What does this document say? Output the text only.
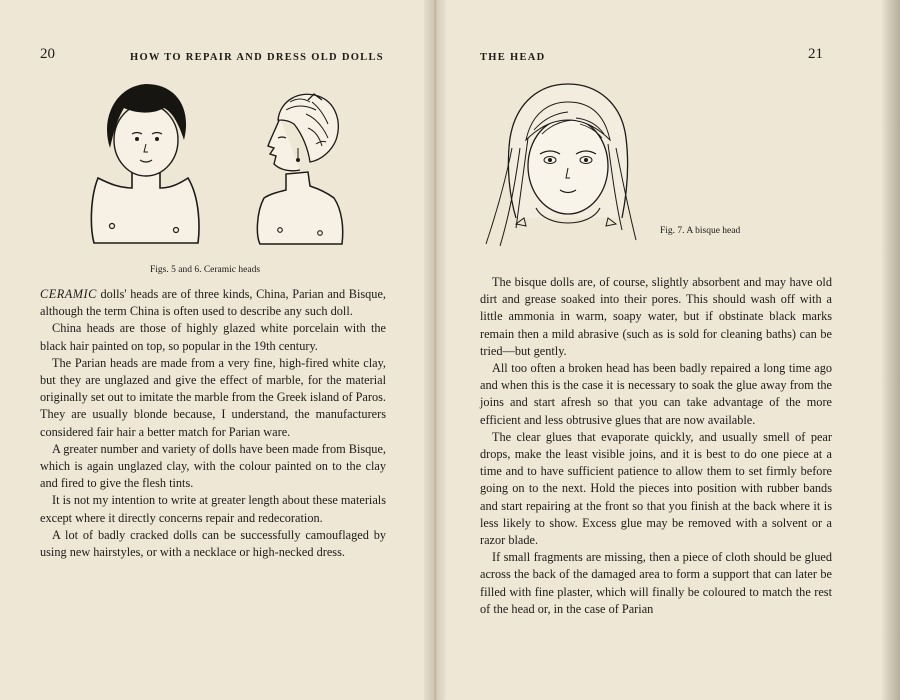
20	HOW TO REPAIR AND DRESS OLD DOLLS
Figs. 5 and 6. Ceramic heads

CERAMIC dolls' heads are of three kinds, China, Parian and Bisque, although the term China is often used to describe any such doll.

China heads are those of highly glazed white porcelain with the black hair painted on top, so popular in the 19th century.

The Parian heads are made from a very fine, high-fired white clay, but they are unglazed and give the effect of marble, for the material originally set out to imitate the marble from the Greek island of Paros. They are usually blonde because, I understand, the manufacturers considered fair hair a better match for Parian ware.

A greater number and variety of dolls have been made from Bisque, which is again unglazed clay, with the colour painted on to the clay and fired to give the flesh tints.

It is not my intention to write at greater length about these materials except where it directly concerns repair and redecoration.

A lot of badly cracked dolls can be successfully camouflaged by using new hairstyles, or with a necklace or high-necked dress.

THE HEAD	21
Fig. 7. A bisque head

The bisque dolls are, of course, slightly absorbent and may have old dirt and grease soaked into their pores. This should wash off with a little ammonia in warm, soapy water, but if obstinate black marks remain then a mild abrasive (such as is sold for cleaning baths) can be tried—but gently.

All too often a broken head has been badly repaired a long time ago and when this is the case it is necessary to soak the glue away from the joins and start afresh so that you can take advantage of the more efficient and less obtrusive glues that are now available.

The clear glues that evaporate quickly, and usually smell of pear drops, make the least visible joins, and it is best to do one piece at a time and to have sufficient patience to allow them to set firmly before going on to the next. Hold the pieces into position with rubber bands and start repairing at the front so that you finish at the back where it is less likely to show. Excess glue may be removed with a solvent or a razor blade.

If small fragments are missing, then a piece of cloth should be glued across the back of the damaged area to form a support that can later be filled with fine plaster, which will finally be coloured to match the rest of the head or, in the case of Parian
